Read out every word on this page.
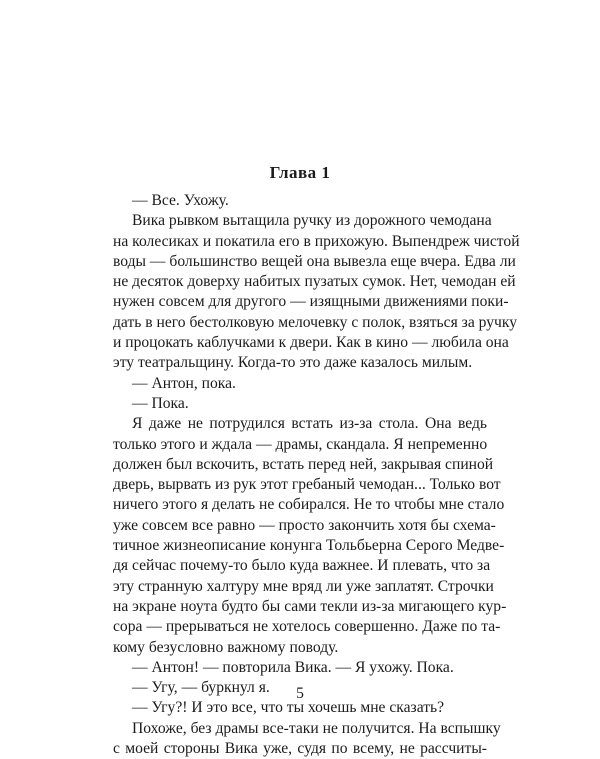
Глава 1
— Все. Ухожу.
Вика рывком вытащила ручку из дорожного чемодана
на колесиках и покатила его в прихожую. Выпендреж чистой
воды — большинство вещей она вывезла еще вчера. Едва ли
не десяток доверху набитых пузатых сумок. Нет, чемодан ей
нужен совсем для другого — изящными движениями поки-
дать в него бестолковую мелочевку с полок, взяться за ручку
и процокать каблучками к двери. Как в кино — любила она
эту театральщину. Когда-то это даже казалось милым.
— Антон, пока.
— Пока.
Я даже не потрудился встать из-за стола. Она ведь
только этого и ждала — драмы, скандала. Я непременно
должен был вскочить, встать перед ней, закрывая спиной
дверь, вырвать из рук этот гребаный чемодан... Только вот
ничего этого я делать не собирался. Не то чтобы мне стало
уже совсем все равно — просто закончить хотя бы схема-
тичное жизнеописание конунга Тольбьерна Серого Медве-
дя сейчас почему-то было куда важнее. И плевать, что за
эту странную халтуру мне вряд ли уже заплатят. Строчки
на экране ноута будто бы сами текли из-за мигающего кур-
сора — прерываться не хотелось совершенно. Даже по та-
кому безусловно важному поводу.
— Антон! — повторила Вика. — Я ухожу. Пока.
— Угу, — буркнул я.
— Угу?! И это все, что ты хочешь мне сказать?
Похоже, без драмы все-таки не получится. На вспышку
с моей стороны Вика уже, судя по всему, не рассчиты-
5
